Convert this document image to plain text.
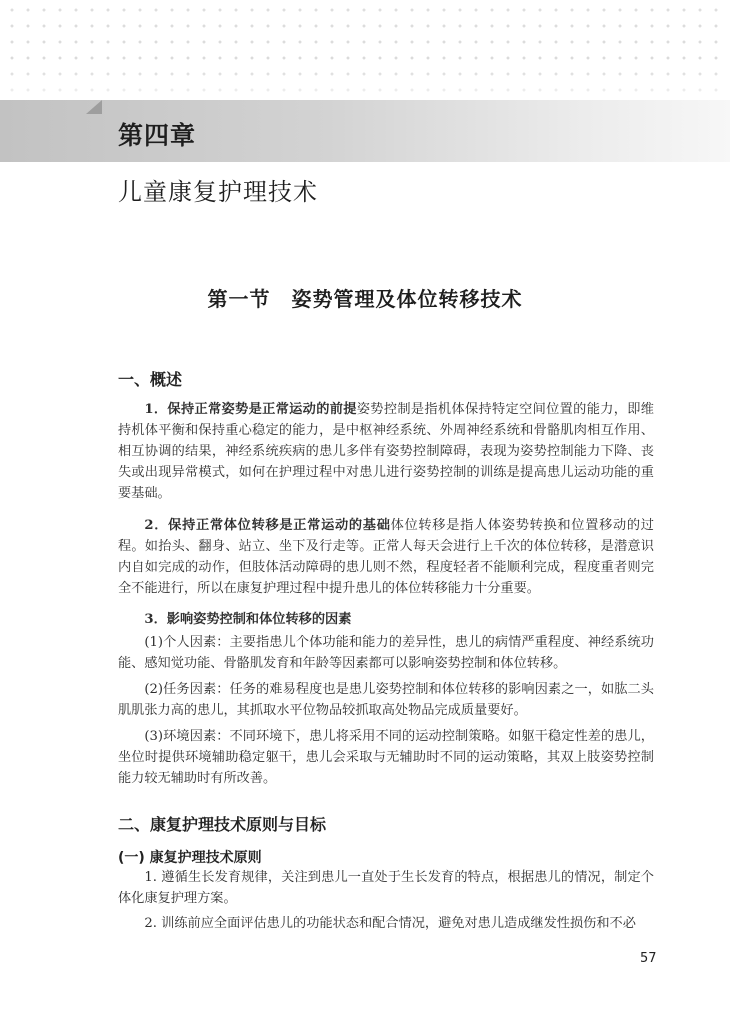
第四章
儿童康复护理技术
第一节　姿势管理及体位转移技术
一、概述
1．保持正常姿势是正常运动的前提姿势控制是指机体保持特定空间位置的能力，即维持机体平衡和保持重心稳定的能力，是中枢神经系统、外周神经系统和骨骼肌肉相互作用、相互协调的结果，神经系统疾病的患儿多伴有姿势控制障碍，表现为姿势控制能力下降、丧失或出现异常模式，如何在护理过程中对患儿进行姿势控制的训练是提高患儿运动功能的重要基础。
2．保持正常体位转移是正常运动的基础体位转移是指人体姿势转换和位置移动的过程。如抬头、翻身、站立、坐下及行走等。正常人每天会进行上千次的体位转移，是潜意识内自如完成的动作，但肢体活动障碍的患儿则不然，程度轻者不能顺利完成，程度重者则完全不能进行，所以在康复护理过程中提升患儿的体位转移能力十分重要。
3．影响姿势控制和体位转移的因素
(1)个人因素：主要指患儿个体功能和能力的差异性，患儿的病情严重程度、神经系统功能、感知觉功能、骨骼肌发育和年龄等因素都可以影响姿势控制和体位转移。
(2)任务因素：任务的难易程度也是患儿姿势控制和体位转移的影响因素之一，如肱二头肌肌张力高的患儿，其抓取水平位物品较抓取高处物品完成质量要好。
(3)环境因素：不同环境下，患儿将采用不同的运动控制策略。如躯干稳定性差的患儿，坐位时提供环境辅助稳定躯干，患儿会采取与无辅助时不同的运动策略，其双上肢姿势控制能力较无辅助时有所改善。
二、康复护理技术原则与目标
(一) 康复护理技术原则
1. 遵循生长发育规律，关注到患儿一直处于生长发育的特点，根据患儿的情况，制定个体化康复护理方案。
2. 训练前应全面评估患儿的功能状态和配合情况，避免对患儿造成继发性损伤和不必
57
